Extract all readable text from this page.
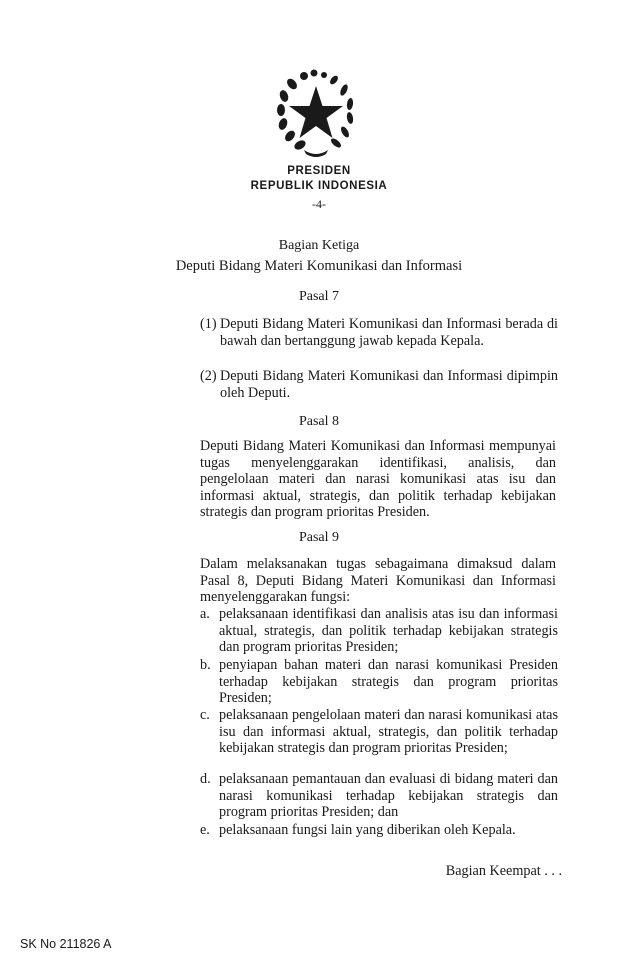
PRESIDEN
REPUBLIK INDONESIA
-4-
Bagian Ketiga
Deputi Bidang Materi Komunikasi dan Informasi
Pasal 7
(1) Deputi Bidang Materi Komunikasi dan Informasi berada di bawah dan bertanggung jawab kepada Kepala.
(2) Deputi Bidang Materi Komunikasi dan Informasi dipimpin oleh Deputi.
Pasal 8
Deputi Bidang Materi Komunikasi dan Informasi mempunyai tugas menyelenggarakan identifikasi, analisis, dan pengelolaan materi dan narasi komunikasi atas isu dan informasi aktual, strategis, dan politik terhadap kebijakan strategis dan program prioritas Presiden.
Pasal 9
Dalam melaksanakan tugas sebagaimana dimaksud dalam Pasal 8, Deputi Bidang Materi Komunikasi dan Informasi menyelenggarakan fungsi:
a. pelaksanaan identifikasi dan analisis atas isu dan informasi aktual, strategis, dan politik terhadap kebijakan strategis dan program prioritas Presiden;
b. penyiapan bahan materi dan narasi komunikasi Presiden terhadap kebijakan strategis dan program prioritas Presiden;
c. pelaksanaan pengelolaan materi dan narasi komunikasi atas isu dan informasi aktual, strategis, dan politik terhadap kebijakan strategis dan program prioritas Presiden;
d. pelaksanaan pemantauan dan evaluasi di bidang materi dan narasi komunikasi terhadap kebijakan strategis dan program prioritas Presiden; dan
e. pelaksanaan fungsi lain yang diberikan oleh Kepala.
Bagian Keempat . . .
SK No 211826 A
